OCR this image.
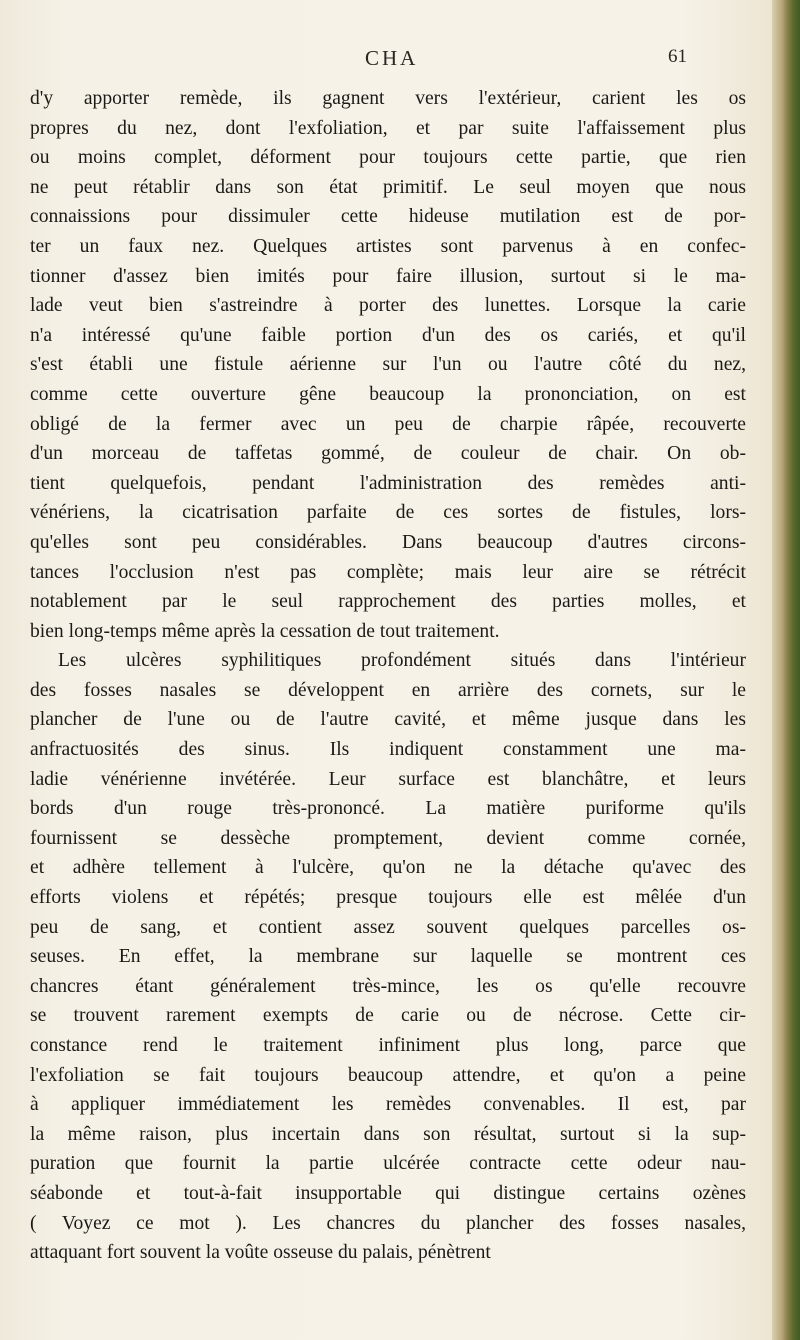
CHA	61
d'y apporter remède, ils gagnent vers l'extérieur, carient les os
propres du nez, dont l'exfoliation, et par suite l'affaissement plus
ou moins complet, déforment pour toujours cette partie, que rien
ne peut rétablir dans son état primitif. Le seul moyen que nous
connaissions pour dissimuler cette hideuse mutilation est de por-
ter un faux nez. Quelques artistes sont parvenus à en confec-
tionner d'assez bien imités pour faire illusion, surtout si le ma-
lade veut bien s'astreindre à porter des lunettes. Lorsque la carie
n'a intéressé qu'une faible portion d'un des os cariés, et qu'il
s'est établi une fistule aérienne sur l'un ou l'autre côté du nez,
comme cette ouverture gêne beaucoup la prononciation, on est
obligé de la fermer avec un peu de charpie râpée, recouverte
d'un morceau de taffetas gommé, de couleur de chair. On ob-
tient quelquefois, pendant l'administration des remèdes anti-
vénériens, la cicatrisation parfaite de ces sortes de fistules, lors-
qu'elles sont peu considérables. Dans beaucoup d'autres circons-
tances l'occlusion n'est pas complète; mais leur aire se rétrécit
notablement par le seul rapprochement des parties molles, et
bien long-temps même après la cessation de tout traitement.
Les ulcères syphilitiques profondément situés dans l'intérieur
des fosses nasales se développent en arrière des cornets, sur le
plancher de l'une ou de l'autre cavité, et même jusque dans les
anfractuosités des sinus. Ils indiquent constamment une ma-
ladie vénérienne invétérée. Leur surface est blanchâtre, et leurs
bords d'un rouge très-prononcé. La matière puriforme qu'ils
fournissent se dessèche promptement, devient comme cornée,
et adhère tellement à l'ulcère, qu'on ne la détache qu'avec des
efforts violens et répétés; presque toujours elle est mêlée d'un
peu de sang, et contient assez souvent quelques parcelles os-
seuses. En effet, la membrane sur laquelle se montrent ces
chancres étant généralement très-mince, les os qu'elle recouvre
se trouvent rarement exempts de carie ou de nécrose. Cette cir-
constance rend le traitement infiniment plus long, parce que
l'exfoliation se fait toujours beaucoup attendre, et qu'on a peine
à appliquer immédiatement les remèdes convenables. Il est, par
la même raison, plus incertain dans son résultat, surtout si la sup-
puration que fournit la partie ulcérée contracte cette odeur nau-
séabonde et tout-à-fait insupportable qui distingue certains ozènes
( Voyez ce mot ). Les chancres du plancher des fosses nasales,
attaquant fort souvent la voûte osseuse du palais, pénètrent
